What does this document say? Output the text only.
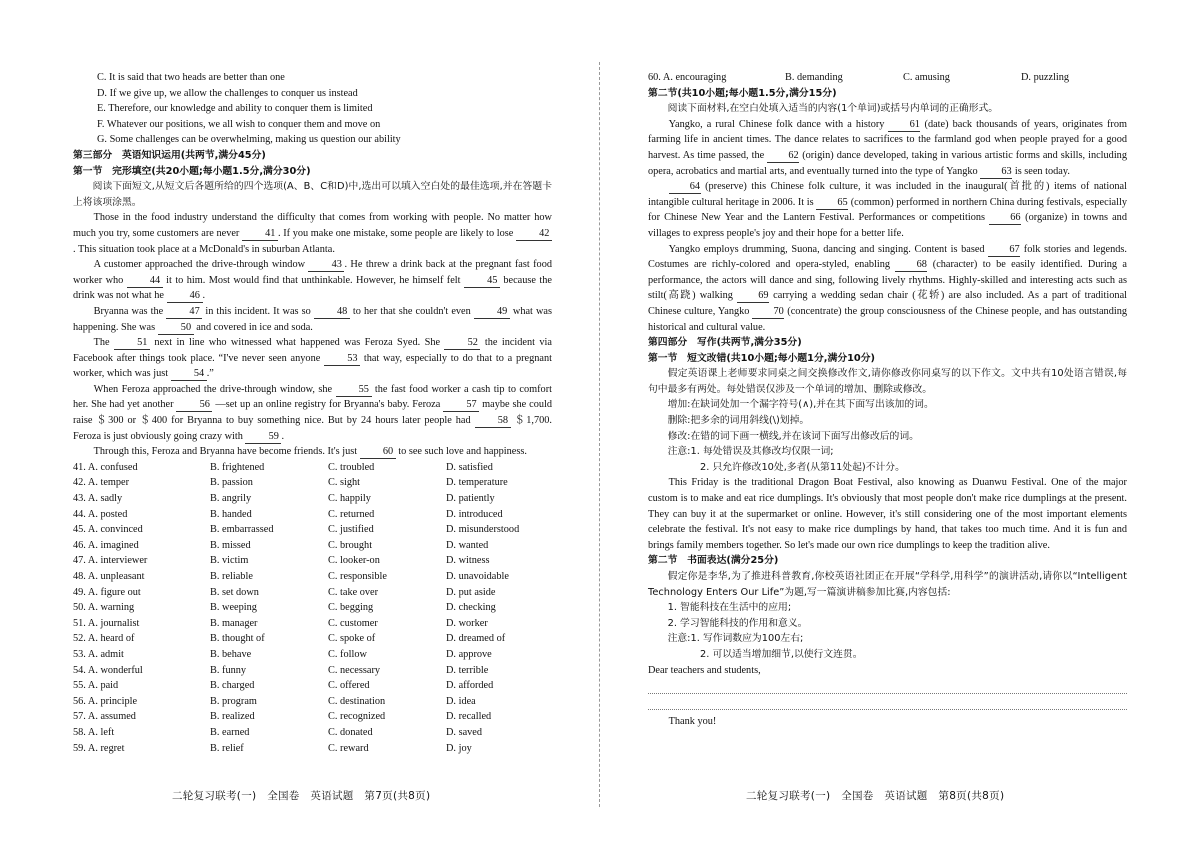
C. It is said that two heads are better than one

D. If we give up, we allow the challenges to conquer us instead

E. Therefore, our knowledge and ability to conquer them is limited

F. Whatever our positions, we all wish to conquer them and move on

G. Some challenges can be overwhelming, making us question our ability

第三部分　英语知识运用(共两节,满分45分)

第一节　完形填空(共20小题;每小题1.5分,满分30分)

阅读下面短文,从短文后各题所给的四个选项(A、B、C和D)中,选出可以填入空白处的最佳选项,并在答题卡上将该项涂黑。

Those in the food industry understand the difficulty that comes from working with people. No matter how much you try, some customers are never 41 . If you make one mistake, some people are likely to lose 42. This situation took place at a McDonald's in suburban Atlanta.

A customer approached the drive-through window 43 . He threw a drink back at the pregnant fast food worker who 44 it to him. Most would find that unthinkable. However, he himself felt 45 because the drink was not what he 46 .

Bryanna was the 47 in this incident. It was so 48 to her that she couldn't even 49 what was happening. She was 50 and covered in ice and soda.

The 51 next in line who witnessed what happened was Feroza Syed. She 52 the incident via Facebook after things took place. “I've never seen anyone 53 that way, especially to do that to a pregnant worker, which was just 54 .”

When Feroza approached the drive-through window, she 55 the fast food worker a cash tip to comfort her. She had yet another 56 —set up an online registry for Bryanna's baby. Feroza 57 maybe she could raise ＄300 or ＄400 for Bryanna to buy something nice. But by 24 hours later people had 58 ＄1,700. Feroza is just obviously going crazy with 59 .

Through this, Feroza and Bryanna have become friends. It's just 60 to see such love and happiness.

41. A. confused	B. frightened	C. troubled	D. satisfied
42. A. temper	B. passion	C. sight	D. temperature
43. A. sadly	B. angrily	C. happily	D. patiently
44. A. posted	B. handed	C. returned	D. introduced
45. A. convinced	B. embarrassed	C. justified	D. misunderstood
46. A. imagined	B. missed	C. brought	D. wanted
47. A. interviewer	B. victim	C. looker-on	D. witness
48. A. unpleasant	B. reliable	C. responsible	D. unavoidable
49. A. figure out	B. set down	C. take over	D. put aside
50. A. warning	B. weeping	C. begging	D. checking
51. A. journalist	B. manager	C. customer	D. worker
52. A. heard of	B. thought of	C. spoke of	D. dreamed of
53. A. admit	B. behave	C. follow	D. approve
54. A. wonderful	B. funny	C. necessary	D. terrible
55. A. paid	B. charged	C. offered	D. afforded
56. A. principle	B. program	C. destination	D. idea
57. A. assumed	B. realized	C. recognized	D. recalled
58. A. left	B. earned	C. donated	D. saved
59. A. regret	B. relief	C. reward	D. joy
二轮复习联考(一)　全国卷　英语试题　第7页(共8页)
60. A. encouraging	B. demanding	C. amusing	D. puzzling

第二节(共10小题;每小题1.5分,满分15分)

阅读下面材料,在空白处填入适当的内容(1个单词)或括号内单词的正确形式。

Yangko, a rural Chinese folk dance with a history 61 (date) back thousands of years, originates from farming life in ancient times. The dance relates to sacrifices to the farmland god when people prayed for a good harvest. As time passed, the 62 (origin) dance developed, taking in various artistic forms and skills, including opera, acrobatics and martial arts, and eventually turned into the type of Yangko 63 is seen today.

64 (preserve) this Chinese folk culture, it was included in the inaugural(首批的) items of national intangible cultural heritage in 2006. It is 65 (common) performed in northern China during festivals, especially for Chinese New Year and the Lantern Festival. Performances or competitions 66 (organize) in towns and villages to express people's joy and their hope for a better life.

Yangko employs drumming, Suona, dancing and singing. Content is based 67 folk stories and legends. Costumes are richly-colored and opera-styled, enabling 68 (character) to be easily identified. During a performance, the actors will dance and sing, following lively rhythms. Highly-skilled and interesting acts such as stilt(高跷) walking 69 carrying a wedding sedan chair (花轿) are also included. As a part of traditional Chinese culture, Yangko 70 (concentrate) the group consciousness of the Chinese people, and has outstanding historical and cultural value.

第四部分　写作(共两节,满分35分)

第一节　短文改错(共10小题;每小题1分,满分10分)

假定英语课上老师要求同桌之间交换修改作文,请你修改你同桌写的以下作文。文中共有10处语言错误,每句中最多有两处。每处错误仅涉及一个单词的增加、删除或修改。

增加:在缺词处加一个漏字符号(∧),并在其下面写出该加的词。

删除:把多余的词用斜线(\)划掉。

修改:在错的词下画一横线,并在该词下面写出修改后的词。

注意:1. 每处错误及其修改均仅限一词;

2. 只允许修改10处,多者(从第11处起)不计分。

This Friday is the traditional Dragon Boat Festival, also knowing as Duanwu Festival. One of the major custom is to make and eat rice dumplings. It's obviously that most people don't make rice dumplings at the present. They can buy it at the supermarket or online. However, it's still considering one of the most important elements celebrate the festival. It's not easy to make rice dumplings by hand, that takes too much time. And it is fun and brings family members together. So let's made our own rice dumplings to keep the tradition alive.

第二节　书面表达(满分25分)

假定你是李华,为了推进科普教育,你校英语社团正在开展“学科学,用科学”的演讲活动,请你以“Intelligent Technology Enters Our Life”为题,写一篇演讲稿参加比赛,内容包括:

1. 智能科技在生活中的应用;

2. 学习智能科技的作用和意义。

注意:1. 写作词数应为100左右;

2. 可以适当增加细节,以使行文连贯。

Dear teachers and students,

Thank you!

二轮复习联考(一)　全国卷　英语试题　第8页(共8页)
